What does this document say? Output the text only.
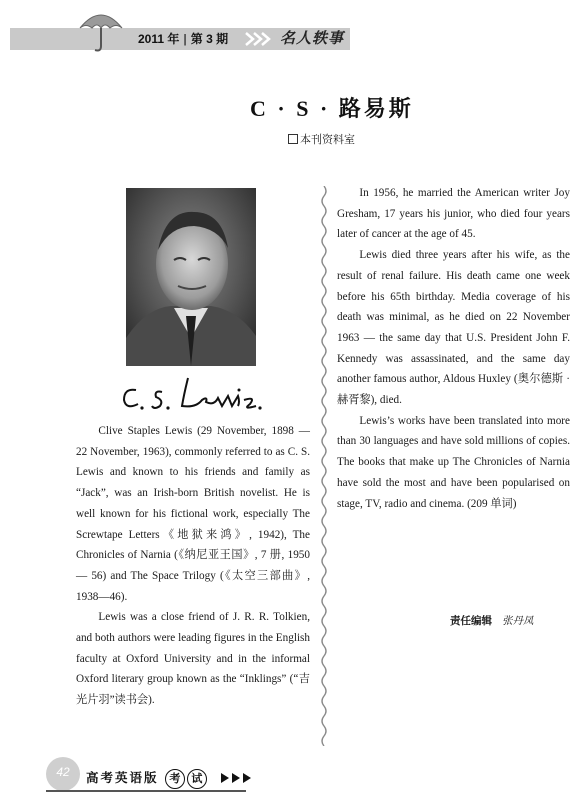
2011 年 | 第 3 期	名人轶事
C · S · 路易斯
本刊资料室

Clive Staples Lewis (29 November, 1898 — 22 November, 1963), commonly referred to as C. S. Lewis and known to his friends and family as “Jack”, was an Irish-born British novelist. He is well known for his fictional work, especially The Screwtape Letters《地狱来鸿》, 1942), The Chronicles of Narnia (《纳尼亚王国》, 7 册, 1950 — 56) and The Space Trilogy (《太空三部曲》, 1938—46).

Lewis was a close friend of J. R. R. Tolkien, and both authors were leading figures in the English faculty at Oxford University and in the informal Oxford literary group known as the “Inklings” (“吉光片羽”读书会).

In 1956, he married the American writer Joy Gresham, 17 years his junior, who died four years later of cancer at the age of 45.

Lewis died three years after his wife, as the result of renal failure. His death came one week before his 65th birthday. Media coverage of his death was minimal, as he died on 22 November 1963 — the same day that U.S. President John F. Kennedy was assassinated, and the same day another famous author, Aldous Huxley (奥尔德斯 · 赫胥黎), died.

Lewis’s works have been translated into more than 30 languages and have sold millions of copies. The books that make up The Chronicles of Narnia have sold the most and have been popularised on stage, TV, radio and cinema. (209 单词)

责任编辑 张丹凤
42	高考英语版 考 试
